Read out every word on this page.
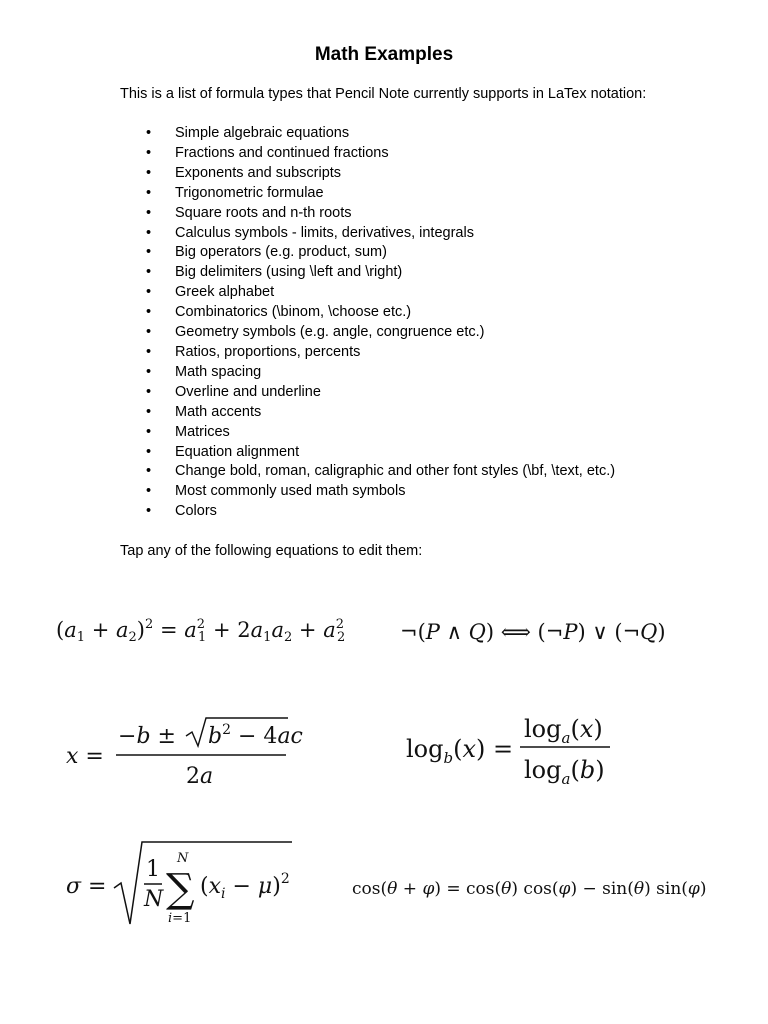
Math Examples
This is a list of formula types that Pencil Note currently supports in LaTex notation:
• Simple algebraic equations
• Fractions and continued fractions
• Exponents and subscripts
• Trigonometric formulae
• Square roots and n-th roots
• Calculus symbols - limits, derivatives, integrals
• Big operators (e.g. product, sum)
• Big delimiters (using \left and \right)
• Greek alphabet
• Combinatorics (\binom, \choose etc.)
• Geometry symbols (e.g. angle, congruence etc.)
• Ratios, proportions, percents
• Math spacing
• Overline and underline
• Math accents
• Matrices
• Equation alignment
• Change bold, roman, caligraphic and other font styles (\bf, \text, etc.)
• Most commonly used math symbols
• Colors
Tap any of the following equations to edit them:
$(a1 + a2)^2 = a^2$ $1 + 2a1a2 + a^2$ 2	¬(P ∧ Q) ⟺ (¬P) ∨ (¬Q)
x =
$-b \pm b^2 - 4ac$
2a
$\log_b(x)$ =
$\log_a(x)$
$\log_a(b)$
σ =
1
N
N
∑
i=1
$(x_i - \mu)^2$	cos(θ + φ) = cos(θ) cos(φ) − sin(θ) sin(φ)
